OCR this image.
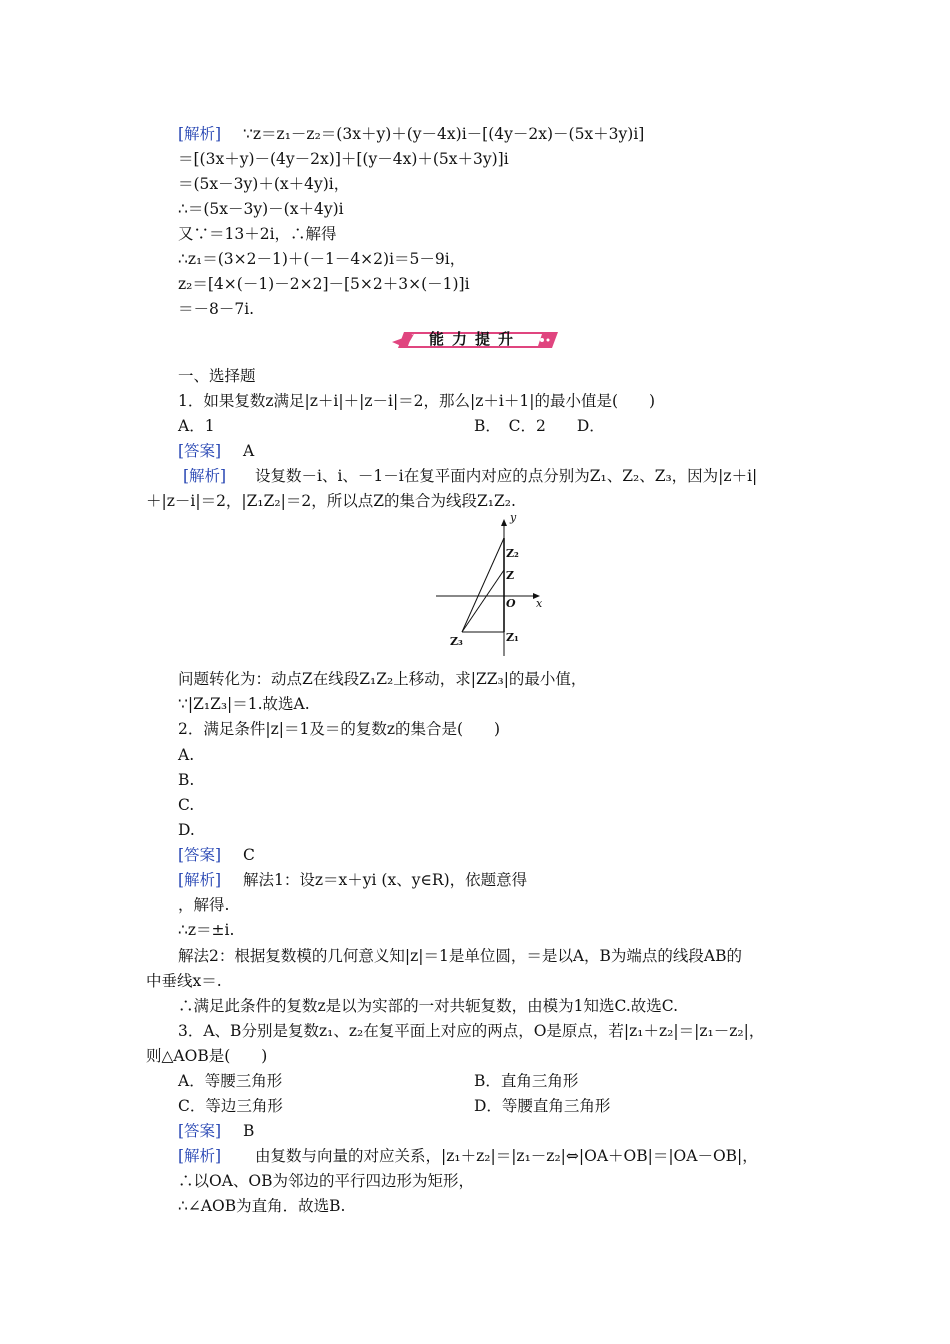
[解析] ∵z＝z₁－z₂＝(3x＋y)＋(y－4x)i－[(4y－2x)－(5x＋3y)i]
＝[(3x＋y)－(4y－2x)]＋[(y－4x)＋(5x＋3y)]i
＝(5x－3y)＋(x＋4y)i，
∴＝(5x－3y)－(x＋4y)i
又∵＝13＋2i，∴解得
∴z₁＝(3×2－1)＋(－1－4×2)i＝5－9i，
z₂＝[4×(－1)－2×2]－[5×2＋3×(－1)]i
＝－8－7i.
能力提升
一、选择题
1．如果复数z满足|z＋i|＋|z－i|＝2，那么|z＋i＋1|的最小值是(　　)
A．1	B．　C．2　　D．
[答案] A
[解析] 设复数－i、i、－1－i在复平面内对应的点分别为Z₁、Z₂、Z₃，因为|z＋i|
＋|z－i|＝2，|Z₁Z₂|＝2，所以点Z的集合为线段Z₁Z₂.
y
x
O
Z₂
Z
Z₁
Z₃
问题转化为：动点Z在线段Z₁Z₂上移动，求|ZZ₃|的最小值，
∵|Z₁Z₃|＝1.故选A.
2．满足条件|z|＝1及＝的复数z的集合是(　　)
A.
B.
C.
D.
[答案] C
[解析] 解法1：设z＝x＋yi (x、y∈R)，依题意得
，解得.
∴z＝±i.
解法2：根据复数模的几何意义知|z|＝1是单位圆，＝是以A，B为端点的线段AB的
中垂线x＝.
∴满足此条件的复数z是以为实部的一对共轭复数，由模为1知选C.故选C.
3．A、B分别是复数z₁、z₂在复平面上对应的两点，O是原点，若|z₁＋z₂|＝|z₁－z₂|，
则△AOB是(　　)
A．等腰三角形	B．直角三角形
C．等边三角形	D．等腰直角三角形
[答案] B
[解析] 由复数与向量的对应关系，|z₁＋z₂|＝|z₁－z₂|⇔|OA＋OB|＝|OA－OB|，
∴以OA、OB为邻边的平行四边形为矩形，
∴∠AOB为直角．故选B.
